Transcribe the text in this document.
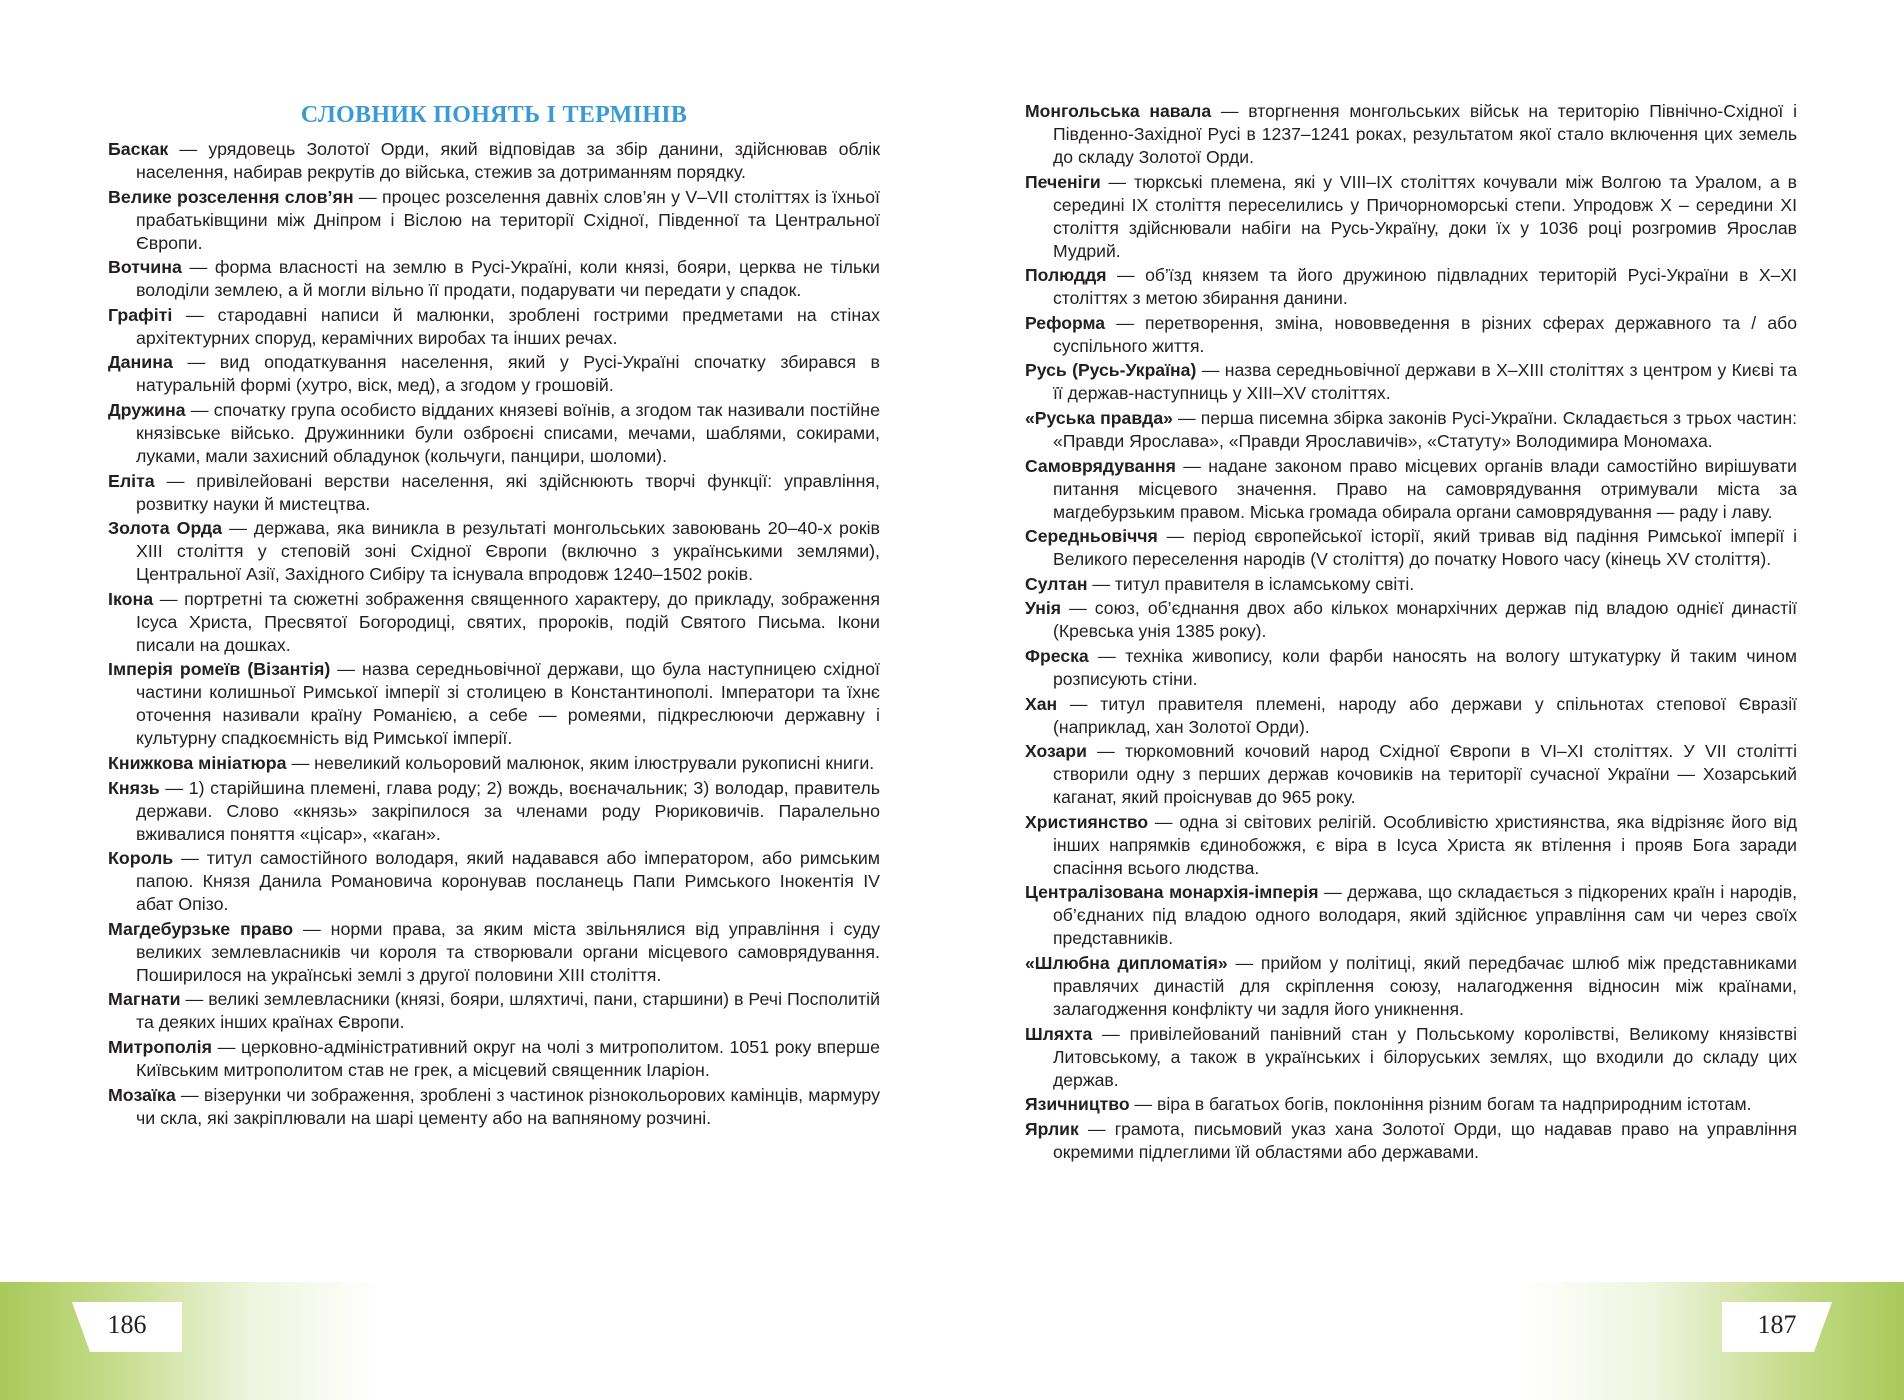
СЛОВНИК ПОНЯТЬ І ТЕРМІНІВ

Баскак — урядовець Золотої Орди, який відповідав за збір данини, здійснював облік населення, набирав рекрутів до війська, стежив за дотриманням порядку.

Велике розселення слов’ян — процес розселення давніх слов’ян у V–VII століттях із їхньої прабатьківщини між Дніпром і Віслою на території Східної, Південної та Центральної Європи.

Вотчина — форма власності на землю в Русі-Україні, коли князі, бояри, церква не тільки володіли землею, а й могли вільно її продати, подарувати чи передати у спадок.

Графіті — стародавні написи й малюнки, зроблені гострими предметами на стінах архітектурних споруд, керамічних виробах та інших речах.

Данина — вид оподаткування населення, який у Русі-Україні спочатку збирався в натуральній формі (хутро, віск, мед), а згодом у грошовій.

Дружина — спочатку група особисто відданих князеві воїнів, а згодом так називали постійне князівське військо. Дружинники були озброєні списами, мечами, шаблями, сокирами, луками, мали захисний обладунок (кольчуги, панцири, шоломи).

Еліта — привілейовані верстви населення, які здійснюють творчі функції: управління, розвитку науки й мистецтва.

Золота Орда — держава, яка виникла в результаті монгольських завоювань 20–40-х років XIII століття у степовій зоні Східної Європи (включно з українськими землями), Центральної Азії, Західного Сибіру та існувала впродовж 1240–1502 років.

Ікона — портретні та сюжетні зображення священного характеру, до прикладу, зображення Ісуса Христа, Пресвятої Богородиці, святих, пророків, подій Святого Письма. Ікони писали на дошках.

Імперія ромеїв (Візантія) — назва середньовічної держави, що була наступницею східної частини колишньої Римської імперії зі столицею в Константинополі. Імператори та їхнє оточення називали країну Романією, а себе — ромеями, підкреслюючи державну і культурну спадкоємність від Римської імперії.

Книжкова мініатюра — невеликий кольоровий малюнок, яким ілюстрували рукописні книги.

Князь — 1) старійшина племені, глава роду; 2) вождь, воєначальник; 3) володар, правитель держави. Слово «князь» закріпилося за членами роду Рюриковичів. Паралельно вживалися поняття «цісар», «каган».

Король — титул самостійного володаря, який надавався або імператором, або римським папою. Князя Данила Романовича коронував посланець Папи Римського Інокентія IV абат Опізо.

Магдебурзьке право — норми права, за яким міста звільнялися від управління і суду великих землевласників чи короля та створювали органи місцевого самоврядування. Поширилося на українські землі з другої половини XIII століття.

Магнати — великі землевласники (князі, бояри, шляхтичі, пани, старшини) в Речі Посполитій та деяких інших країнах Європи.

Митрополія — церковно-адміністративний округ на чолі з митрополитом. 1051 року вперше Київським митрополитом став не грек, а місцевий священник Іларіон.

Мозаїка — візерунки чи зображення, зроблені з частинок різнокольорових камінців, мармуру чи скла, які закріплювали на шарі цементу або на вапняному розчині.

186

Монгольська навала — вторгнення монгольських військ на територію Північно-Східної і Південно-Західної Русі в 1237–1241 роках, результатом якої стало включення цих земель до складу Золотої Орди.

Печеніги — тюркські племена, які у VIII–IX століттях кочували між Волгою та Уралом, а в середині IX століття переселились у Причорноморські степи. Упродовж X – середини XI століття здійснювали набіги на Русь-Україну, доки їх у 1036 році розгромив Ярослав Мудрий.

Полюддя — об’їзд князем та його дружиною підвладних територій Русі-України в X–XI століттях з метою збирання данини.

Реформа — перетворення, зміна, нововведення в різних сферах державного та / або суспільного життя.

Русь (Русь-Україна) — назва середньовічної держави в X–XIII століттях з центром у Києві та її держав-наступниць у XIII–XV століттях.

«Руська правда» — перша писемна збірка законів Русі-України. Складається з трьох частин: «Правди Ярослава», «Правди Ярославичів», «Статуту» Володимира Мономаха.

Самоврядування — надане законом право місцевих органів влади самостійно вирішувати питання місцевого значення. Право на самоврядування отримували міста за магдебурзьким правом. Міська громада обирала органи самоврядування — раду і лаву.

Середньовіччя — період європейської історії, який тривав від падіння Римської імперії і Великого переселення народів (V століття) до початку Нового часу (кінець XV століття).

Султан — титул правителя в ісламському світі.

Унія — союз, об’єднання двох або кількох монархічних держав під владою однієї династії (Кревська унія 1385 року).

Фреска — техніка живопису, коли фарби наносять на вологу штукатурку й таким чином розписують стіни.

Хан — титул правителя племені, народу або держави у спільнотах степової Євразії (наприклад, хан Золотої Орди).

Хозари — тюркомовний кочовий народ Східної Європи в VI–XI століттях. У VII столітті створили одну з перших держав кочовиків на території сучасної України — Хозарський каганат, який проіснував до 965 року.

Християнство — одна зі світових релігій. Особливістю християнства, яка відрізняє його від інших напрямків єдинобожжя, є віра в Ісуса Христа як втілення і прояв Бога заради спасіння всього людства.

Централізована монархія-імперія — держава, що складається з підкорених країн і народів, об’єднаних під владою одного володаря, який здійснює управління сам чи через своїх представників.

«Шлюбна дипломатія» — прийом у політиці, який передбачає шлюб між представниками правлячих династій для скріплення союзу, налагодження відносин між країнами, залагодження конфлікту чи задля його уникнення.

Шляхта — привілейований панівний стан у Польському королівстві, Великому князівстві Литовському, а також в українських і білоруських землях, що входили до складу цих держав.

Язичництво — віра в багатьох богів, поклоніння різним богам та надприродним істотам.

Ярлик — грамота, письмовий указ хана Золотої Орди, що надавав право на управління окремими підлеглими їй областями або державами.

187
